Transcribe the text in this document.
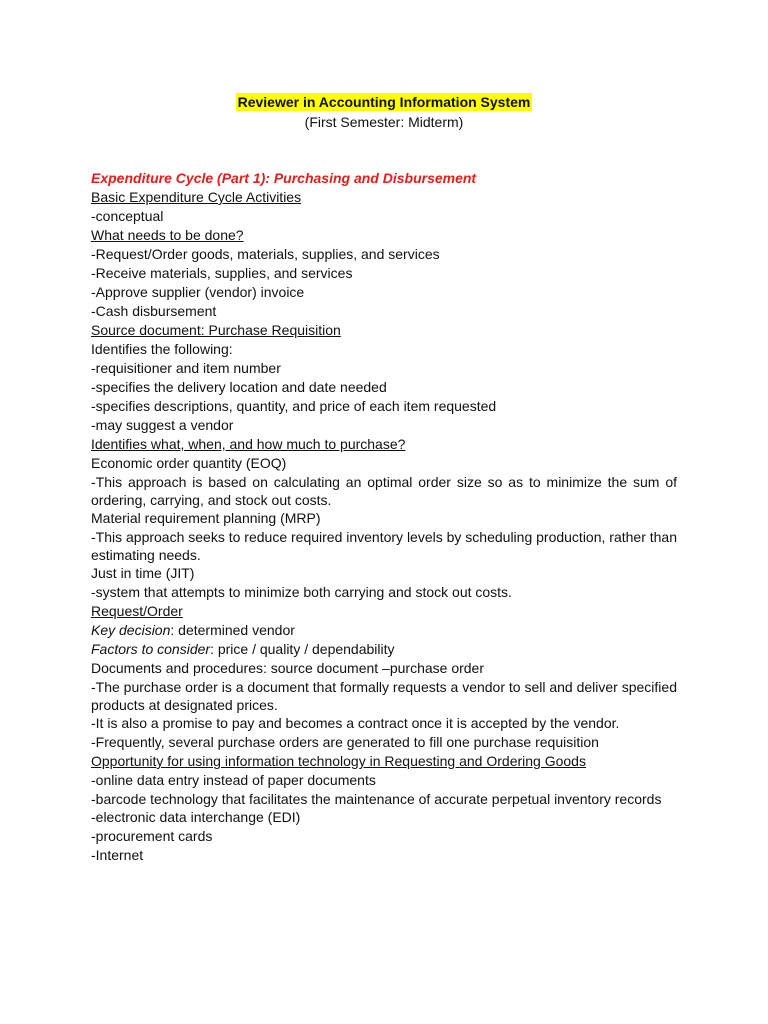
Reviewer in Accounting Information System
(First Semester: Midterm)
Expenditure Cycle (Part 1): Purchasing and Disbursement
Basic Expenditure Cycle Activities
-conceptual
What needs to be done?
-Request/Order goods, materials, supplies, and services
-Receive materials, supplies, and services
-Approve supplier (vendor) invoice
-Cash disbursement
Source document: Purchase Requisition
Identifies the following:
-requisitioner and item number
-specifies the delivery location and date needed
-specifies descriptions, quantity, and price of each item requested
-may suggest a vendor
Identifies what, when, and how much to purchase?
Economic order quantity (EOQ)
-This approach is based on calculating an optimal order size so as to minimize the sum of ordering, carrying, and stock out costs.
Material requirement planning (MRP)
-This approach seeks to reduce required inventory levels by scheduling production, rather than estimating needs.
Just in time (JIT)
-system that attempts to minimize both carrying and stock out costs.
Request/Order
Key decision: determined vendor
Factors to consider: price / quality / dependability
Documents and procedures: source document –purchase order
-The purchase order is a document that formally requests a vendor to sell and deliver specified products at designated prices.
-It is also a promise to pay and becomes a contract once it is accepted by the vendor.
-Frequently, several purchase orders are generated to fill one purchase requisition
Opportunity for using information technology in Requesting and Ordering Goods
-online data entry instead of paper documents
-barcode technology that facilitates the maintenance of accurate perpetual inventory records
-electronic data interchange (EDI)
-procurement cards
-Internet
